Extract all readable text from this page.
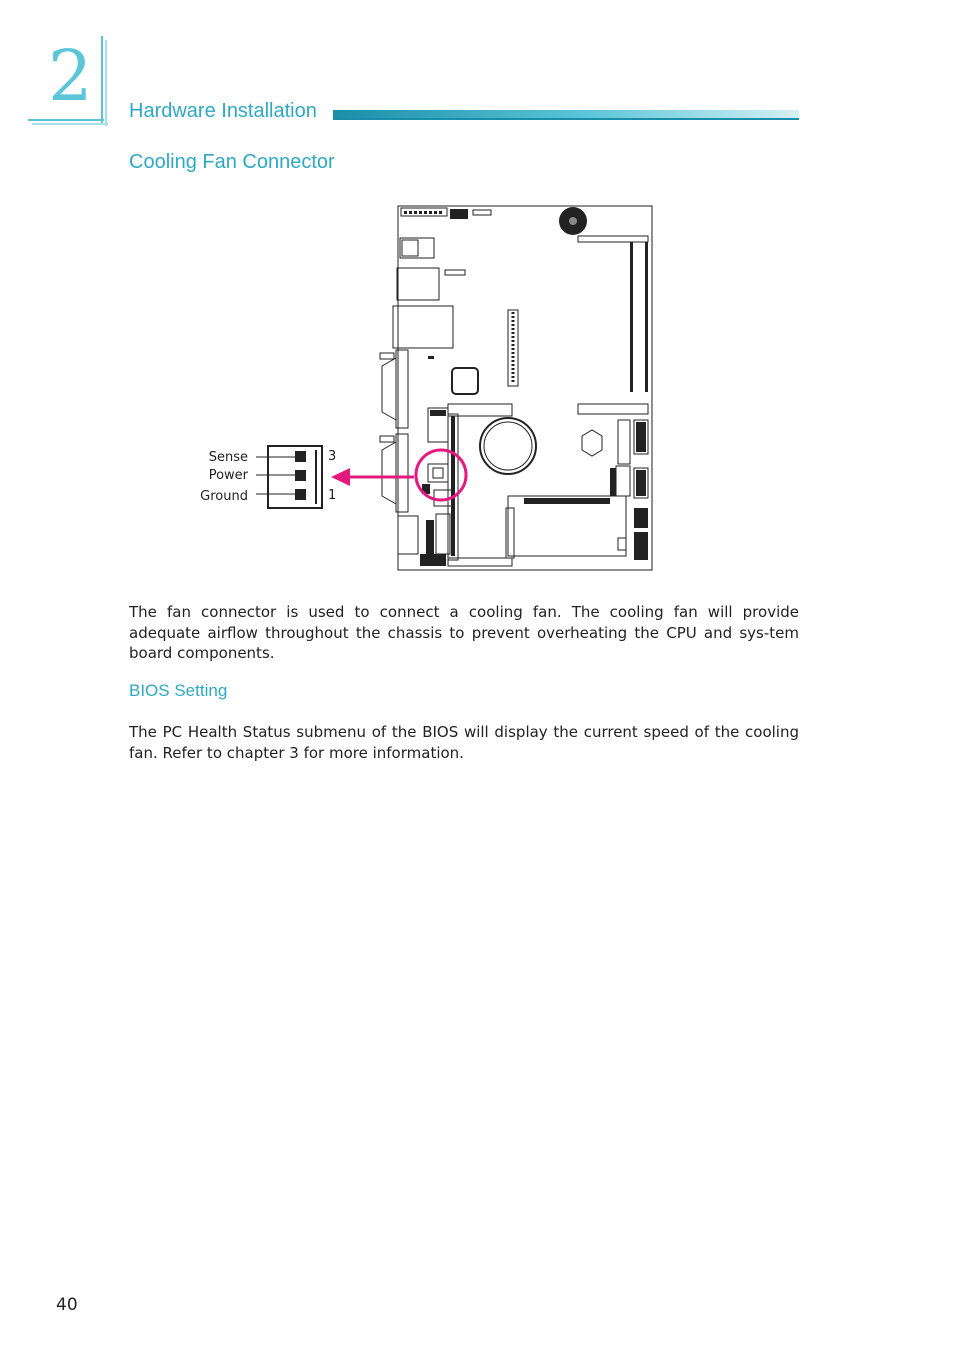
2 Hardware Installation
Cooling Fan Connector
Sense
Power
Ground
3
1
The fan connector is used to connect a cooling fan. The cooling fan will provide adequate airflow throughout the chassis to prevent overheating the CPU and sys-tem board components.
BIOS Setting
The PC Health Status submenu of the BIOS will display the current speed of the cooling fan. Refer to chapter 3 for more information.
40
